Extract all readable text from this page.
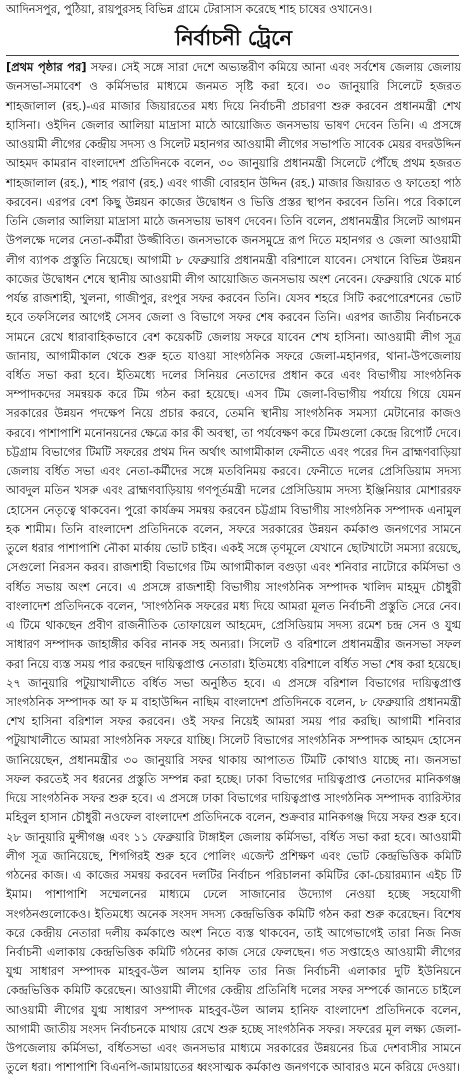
আদিনসপুর, পুঠিয়া, রায়পুরসহ বিভিন্ন গ্রামে টেরাসাস করেছে শাহ চাষের ওখানেও।
নির্বাচনী ট্রেনে

[প্রথম পৃষ্ঠার পর] সফর। সেই সঙ্গে সারা দেশে অভ্যন্তরীণ কমিয়ে আনা এবং সর্বশেষ জেলায় জেলায় জনসভা-সমাবেশ ও কর্মিসভার মাধ্যমে জনমত সৃষ্টি করা হবে। ৩০ জানুয়ারি সিলেটে হজরত শাহজালাল (রহ.)-এর মাজার জিয়ারতের মধ্য দিয়ে নির্বাচনী প্রচারণা শুরু করবেন প্রধানমন্ত্রী শেখ হাসিনা। ওইদিন জেলার আলিয়া মাদ্রাসা মাঠে আয়োজিত জনসভায় ভাষণ দেবেন তিনি। এ প্রসঙ্গে আওয়ামী লীগের কেন্দ্রীয় সদস্য ও সিলেট মহানগর আওয়ামী লীগের সভাপতি সাবেক মেয়র বদরউদ্দিন আহমদ কামরান বাংলাদেশ প্রতিদিনকে বলেন, ৩০ জানুয়ারি প্রধানমন্ত্রী সিলেটে পৌঁছে প্রথম হজরত শাহজালাল (রহ.), শাহ পরাণ (রহ.) এবং গাজী বোরহান উদ্দিন (রহ.) মাজার জিয়ারত ও ফাতেহা পাঠ করবেন। এরপর বেশ কিছু উন্নয়ন কাজের উদ্বোধন ও ভিত্তি প্রস্তর স্থাপন করবেন তিনি। পরে বিকালে তিনি জেলার আলিয়া মাদ্রাসা মাঠে জনসভায় ভাষণ দেবেন। তিনি বলেন, প্রধানমন্ত্রীর সিলেট আগমন উপলক্ষে দলের নেতা-কর্মীরা উজ্জীবিত। জনসভাকে জনসমুদ্রে রূপ দিতে মহানগর ও জেলা আওয়ামী লীগ ব্যাপক প্রস্তুতি নিয়েছে। আগামী ৮ ফেব্রুয়ারি প্রধানমন্ত্রী বরিশালে যাবেন। সেখানে বিভিন্ন উন্নয়ন কাজের উদ্বোধন শেষে স্থানীয় আওয়ামী লীগ আয়োজিত জনসভায় অংশ নেবেন। ফেব্রুয়ারি থেকে মার্চ পর্যন্ত রাজশাহী, খুলনা, গাজীপুর, রংপুর সফর করবেন তিনি। যেসব শহরে সিটি করপোরেশনের ভোট হবে তফসিলের আগেই সেসব জেলা ও বিভাগে সফর শেষ করবেন তিনি। এরপর জাতীয় নির্বাচনকে সামনে রেখে ধারাবাহিকভাবে বেশ কয়েকটি জেলায় সফরে যাবেন শেখ হাসিনা। আওয়ামী লীগ সূত্র জানায়, আগামীকাল থেকে শুরু হতে যাওয়া সাংগঠনিক সফরে জেলা-মহানগর, থানা-উপজেলায় বর্ধিত সভা করা হবে। ইতিমধ্যে দলের সিনিয়র নেতাদের প্রধান করে এবং বিভাগীয় সাংগঠনিক সম্পাদকদের সমন্বয়ক করে টিম গঠন করা হয়েছে। এসব টিম জেলা-বিভাগীয় পর্যায়ে গিয়ে যেমন সরকারের উন্নয়ন পদক্ষেপ নিয়ে প্রচার করবে, তেমনি স্থানীয় সাংগঠনিক সমস্যা মেটানোর কাজও করবে। পাশাপাশি মনোনয়নের ক্ষেত্রে কার কী অবস্থা, তা পর্যবেক্ষণ করে টিমগুলো কেন্দ্রে রিপোর্ট দেবে। চট্টগ্রাম বিভাগের টিমটি সফরের প্রথম দিন অর্থাৎ আগামীকাল ফেনীতে এবং পরের দিন ব্রাহ্মণবাড়িয়া জেলায় বর্ধিত সভা এবং নেতা-কর্মীদের সঙ্গে মতবিনিময় করবে। ফেনীতে দলের প্রেসিডিয়াম সদস্য আবদুল মতিন খসরু এবং ব্রাহ্মণবাড়িয়ায় গণপূর্তমন্ত্রী দলের প্রেসিডিয়াম সদস্য ইঞ্জিনিয়ার মোশাররফ হোসেন নেতৃত্বে থাকবেন। পুরো কার্যক্রম সমন্বয় করবেন চট্টগ্রাম বিভাগীয় সাংগঠনিক সম্পাদক এনামুল হক শামীম। তিনি বাংলাদেশ প্রতিদিনকে বলেন, সফরে সরকারের উন্নয়ন কর্মকাণ্ড জনগণের সামনে তুলে ধরার পাশাপাশি নৌকা মার্কায় ভোট চাইব। একই সঙ্গে তৃণমূলে যেখানে ছোটখাটো সমস্যা রয়েছে, সেগুলো নিরসন করব। রাজশাহী বিভাগের টিম আগামীকাল বগুড়া এবং শনিবার নাটোরে কর্মিসভা ও বর্ধিত সভায় অংশ নেবে। এ প্রসঙ্গে রাজশাহী বিভাগীয় সাংগঠনিক সম্পাদক খালিদ মাহমুদ চৌধুরী বাংলাদেশ প্রতিদিনকে বলেন, 'সাংগঠনিক সফরের মধ্য দিয়ে আমরা মূলত নির্বাচনী প্রস্তুতি সেরে নেব। এ টিমে থাকছেন প্রবীণ রাজনীতিক তোফায়েল আহমেদ, প্রেসিডিয়াম সদস্য রমেশ চন্দ্র সেন ও যুগ্ম সাধারণ সম্পাদক জাহাঙ্গীর কবির নানক সহ অন্যরা। সিলেট ও বরিশালে প্রধানমন্ত্রীর জনসভা সফল করা নিয়ে ব্যস্ত সময় পার করছেন দায়িত্বপ্রাপ্ত নেতারা। ইতিমধ্যে বরিশালে বর্ধিত সভা শেষ করা হয়েছে। ২৭ জানুয়ারি পটুয়াখালীতে বর্ধিত সভা অনুষ্ঠিত হবে। এ প্রসঙ্গে বরিশাল বিভাগের দায়িত্বপ্রাপ্ত সাংগঠনিক সম্পাদক আ ফ ম বাহাউদ্দিন নাছিম বাংলাদেশ প্রতিদিনকে বলেন, ৮ ফেব্রুয়ারি প্রধানমন্ত্রী শেখ হাসিনা বরিশাল সফর করবেন। ওই সফর নিয়েই আমরা সময় পার করছি। আগামী শনিবার পটুয়াখালীতে আমরা সাংগঠনিক সফরে যাচ্ছি। সিলেট বিভাগের সাংগঠনিক সম্পাদক আহমদ হোসেন জানিয়েছেন, প্রধানমন্ত্রীর ৩০ জানুয়ারি সফর থাকায় আপাতত টিমটি কোথাও যাচ্ছে না। জনসভা সফল করতেই সব ধরনের প্রস্তুতি সম্পন্ন করা হচ্ছে। ঢাকা বিভাগের দায়িত্বপ্রাপ্ত নেতাদের মানিকগঞ্জ দিয়ে সাংগঠনিক সফর শুরু হবে। এ প্রসঙ্গে ঢাকা বিভাগের দায়িত্বপ্রাপ্ত সাংগঠনিক সম্পাদক ব্যারিস্টার মহিবুল হাসান চৌধুরী নওফেল বাংলাদেশ প্রতিদিনকে বলেন, শুক্রবার মানিকগঞ্জ দিয়ে সফর শুরু হবে। ২৮ জানুয়ারি মুন্সীগঞ্জ এবং ১১ ফেব্রুয়ারি টাঙ্গাইল জেলায় কর্মিসভা, বর্ধিত সভা করা হবে। আওয়ামী লীগ সূত্র জানিয়েছে, শিগগিরই শুরু হবে পোলিং এজেন্ট প্রশিক্ষণ এবং ভোট কেন্দ্রভিত্তিক কমিটি গঠনের কাজ। এ কাজের সমন্বয় করবেন দলটির নির্বাচন পরিচালনা কমিটির কো-চেয়ারম্যান এইচ টি ইমাম। পাশাপাশি সম্মেলনের মাধ্যমে ঢেলে সাজানোর উদ্যোগ নেওয়া হচ্ছে সহযোগী সংগঠনগুলোকেও। ইতিমধ্যে অনেক সংসদ সদস্য কেন্দ্রভিত্তিক কমিটি গঠন করা শুরু করেছেন। বিশেষ করে কেন্দ্রীয় নেতারা দলীয় কর্মকাণ্ডে অংশ নিতে ব্যস্ত থাকবেন, তাই আগেভাগেই তারা নিজ নিজ নির্বাচনী এলাকায় কেন্দ্রভিত্তিক কমিটি গঠনের কাজ সেরে ফেলছেন। গত সপ্তাহেও আওয়ামী লীগের যুগ্ম সাধারণ সম্পাদক মাহবুব-উল আলম হানিফ তার নিজ নির্বাচনী এলাকার দুটি ইউনিয়নে কেন্দ্রভিত্তিক কমিটি করেছেন। আওয়ামী লীগের কেন্দ্রীয় প্রতিনিধি দলের সফর সম্পর্কে জানতে চাইলে আওয়ামী লীগের যুগ্ম সাধারণ সম্পাদক মাহবুব-উল আলম হানিফ বাংলাদেশ প্রতিদিনকে বলেন, আগামী জাতীয় সংসদ নির্বাচনকে মাথায় রেখে শুরু হচ্ছে সাংগঠনিক সফর। সফরের মূল লক্ষ্য জেলা-উপজেলায় কর্মিসভা, বর্ধিতসভা এবং জনসভার মাধ্যমে সরকারের উন্নয়নের চিত্র দেশবাসীর সামনে তুলে ধরা। পাশাপাশি বিএনপি-জামায়াতের ধ্বংসাত্মক কর্মকাণ্ড জনগণকে আবারও মনে করিয়ে দেওয়া।
